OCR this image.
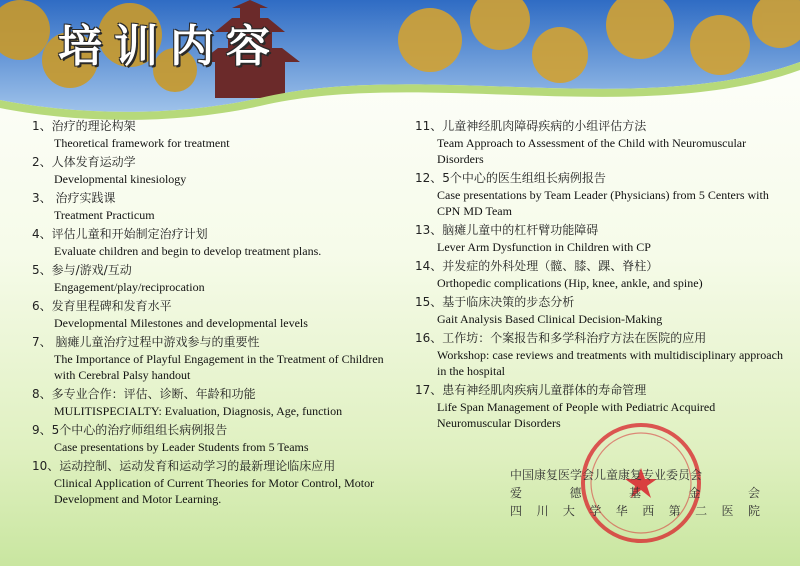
培训内容
1、治疗的理论构架
Theoretical framework for treatment
2、人体发育运动学
Developmental kinesiology
3、 治疗实践课
Treatment Practicum
4、评估儿童和开始制定治疗计划
Evaluate children and begin to develop treatment plans.
5、参与/游戏/互动
Engagement/play/reciprocation
6、发育里程碑和发育水平
Developmental Milestones and developmental levels
7、 脑瘫儿童治疗过程中游戏参与的重要性
The Importance of Playful Engagement in the Treatment of Children with Cerebral Palsy handout
8、多专业合作：评估、诊断、年龄和功能
MULITISPECIALTY: Evaluation, Diagnosis, Age, function
9、5个中心的治疗师组组长病例报告
Case presentations by Leader Students from 5 Teams
10、运动控制、运动发育和运动学习的最新理论临床应用
Clinical Application of Current Theories for Motor Control, Motor Development and Motor Learning.
11、儿童神经肌肉障碍疾病的小组评估方法
Team Approach to Assessment of the Child with Neuromuscular Disorders
12、5个中心的医生组组长病例报告
Case presentations by Team Leader (Physicians) from 5 Centers with CPN MD Team
13、脑瘫儿童中的杠杆臂功能障碍
Lever Arm Dysfunction in Children with CP
14、并发症的外科处理（髋、膝、踝、脊柱）
Orthopedic complications (Hip, knee, ankle, and spine)
15、基于临床决策的步态分析
Gait Analysis Based Clinical Decision-Making
16、工作坊：个案报告和多学科治疗方法在医院的应用
Workshop: case reviews and treatments with multidisciplinary approach in the hospital
17、患有神经肌肉疾病儿童群体的寿命管理
Life Span Management of People with Pediatric Acquired Neuromuscular Disorders
中国康复医学会儿童康复专业委员会
爱	德	基	金	会
四 川 大 学 华 西 第 二 医 院
